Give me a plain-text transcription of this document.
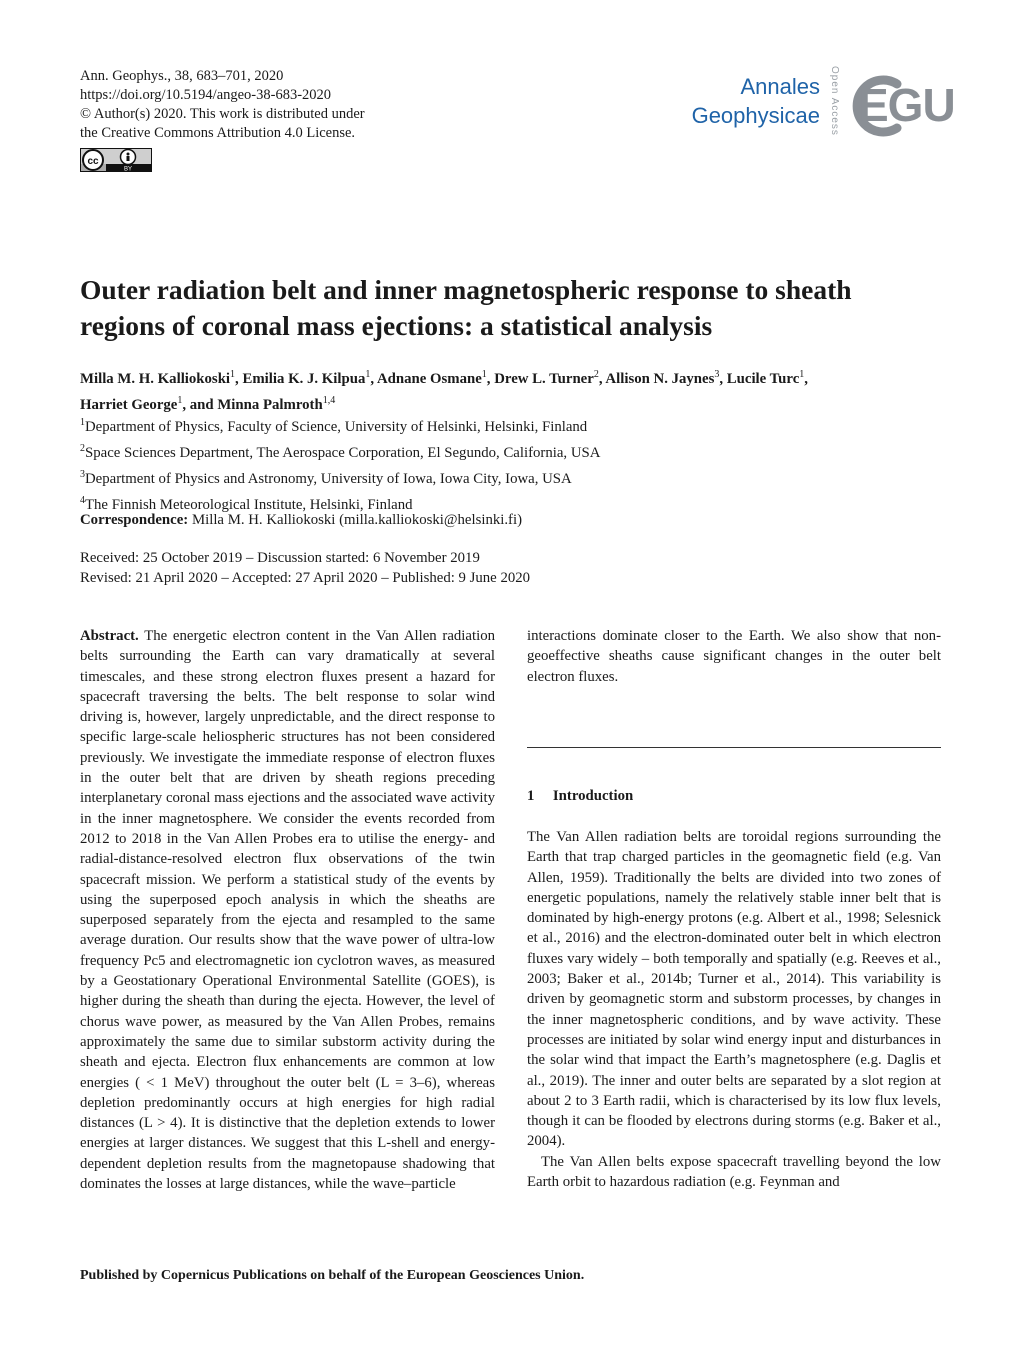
Ann. Geophys., 38, 683–701, 2020
https://doi.org/10.5194/angeo-38-683-2020
© Author(s) 2020. This work is distributed under
the Creative Commons Attribution 4.0 License.
cc
BY
Annales
Geophysicae Open Access EGU
Outer radiation belt and inner magnetospheric response to sheath
regions of coronal mass ejections: a statistical analysis
Milla M. H. Kalliokoski$^1$, Emilia K. J. Kilpua$^1$, Adnane Osmane$^1$, Drew L. Turner$^2$, Allison N. Jaynes$^3$, Lucile Turc$^1$,
Harriet George$^1$, and Minna Palmroth$^{1,4}$
$^1$Department of Physics, Faculty of Science, University of Helsinki, Helsinki, Finland
$^2$Space Sciences Department, The Aerospace Corporation, El Segundo, California, USA
$^3$Department of Physics and Astronomy, University of Iowa, Iowa City, Iowa, USA
$^4$The Finnish Meteorological Institute, Helsinki, Finland
Correspondence: Milla M. H. Kalliokoski (milla.kalliokoski@helsinki.fi)
Received: 25 October 2019 – Discussion started: 6 November 2019
Revised: 21 April 2020 – Accepted: 27 April 2020 – Published: 9 June 2020

Abstract. The energetic electron content in the Van Allen radiation belts surrounding the Earth can vary dramatically at several timescales, and these strong electron fluxes present a hazard for spacecraft traversing the belts. The belt response to solar wind driving is, however, largely unpredictable, and the direct response to specific large-scale heliospheric structures has not been considered previously. We investigate the immediate response of electron fluxes in the outer belt that are driven by sheath regions preceding interplanetary coronal mass ejections and the associated wave activity in the inner magnetosphere. We consider the events recorded from 2012 to 2018 in the Van Allen Probes era to utilise the energy- and radial-distance-resolved electron flux observations of the twin spacecraft mission. We perform a statistical study of the events by using the superposed epoch analysis in which the sheaths are superposed separately from the ejecta and resampled to the same average duration. Our results show that the wave power of ultra-low frequency Pc5 and electromagnetic ion cyclotron waves, as measured by a Geostationary Operational Environmental Satellite (GOES), is higher during the sheath than during the ejecta. However, the level of chorus wave power, as measured by the Van Allen Probes, remains approximately the same due to similar substorm activity during the sheath and ejecta. Electron flux enhancements are common at low energies ( < 1 MeV) throughout the outer belt (L = 3–6), whereas depletion predominantly occurs at high energies for high radial distances (L > 4). It is distinctive that the depletion extends to lower energies at larger distances. We suggest that this L-shell and energy-dependent depletion results from the magnetopause shadowing that dominates the losses at large distances, while the wave–particle

1 Introduction

The Van Allen radiation belts are toroidal regions surrounding the Earth that trap charged particles in the geomagnetic field (e.g. Van Allen, 1959). Traditionally the belts are divided into two zones of energetic populations, namely the relatively stable inner belt that is dominated by high-energy protons (e.g. Albert et al., 1998; Selesnick et al., 2016) and the electron-dominated outer belt in which electron fluxes vary widely – both temporally and spatially (e.g. Reeves et al., 2003; Baker et al., 2014b; Turner et al., 2014). This variability is driven by geomagnetic storm and substorm processes, by changes in the inner magnetospheric conditions, and by wave activity. These processes are initiated by solar wind energy input and disturbances in the solar wind that impact the Earth’s magnetosphere (e.g. Daglis et al., 2019). The inner and outer belts are separated by a slot region at about 2 to 3 Earth radii, which is characterised by its low flux levels, though it can be flooded by electrons during storms (e.g. Baker et al., 2004).

The Van Allen belts expose spacecraft travelling beyond the low Earth orbit to hazardous radiation (e.g. Feynman and

Published by Copernicus Publications on behalf of the European Geosciences Union.
interactions dominate closer to the Earth. We also show that non-geoeffective sheaths cause significant changes in the outer belt electron fluxes.
